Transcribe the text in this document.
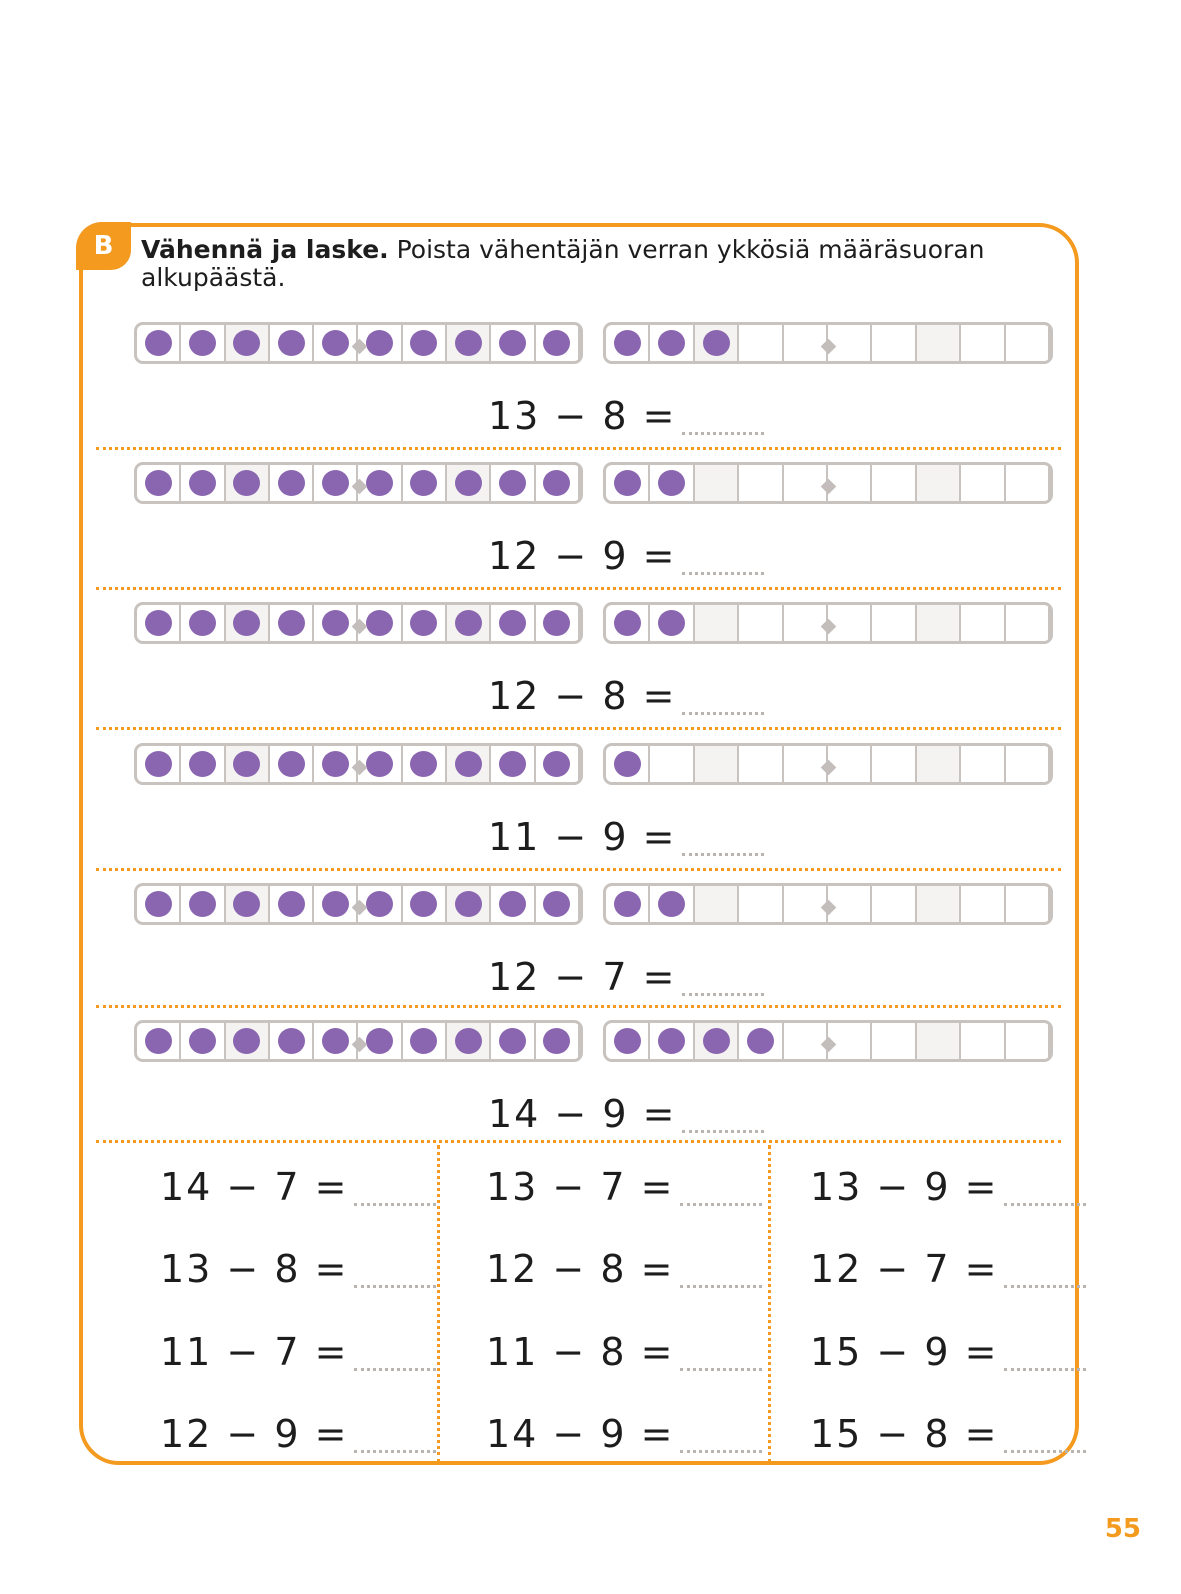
B	Vähennä ja laske. Poista vähentäjän verran ykkösiä määräsuoran alkupäästä.
13 − 8 =
12 − 9 =
12 − 8 =
11 − 9 =
12 − 7 =
14 − 9 =
14 − 7 =
13 − 8 =
11 − 7 =
12 − 9 =
13 − 7 =
12 − 8 =
11 − 8 =
14 − 9 =
13 − 9 =
12 − 7 =
15 − 9 =
15 − 8 =
55
